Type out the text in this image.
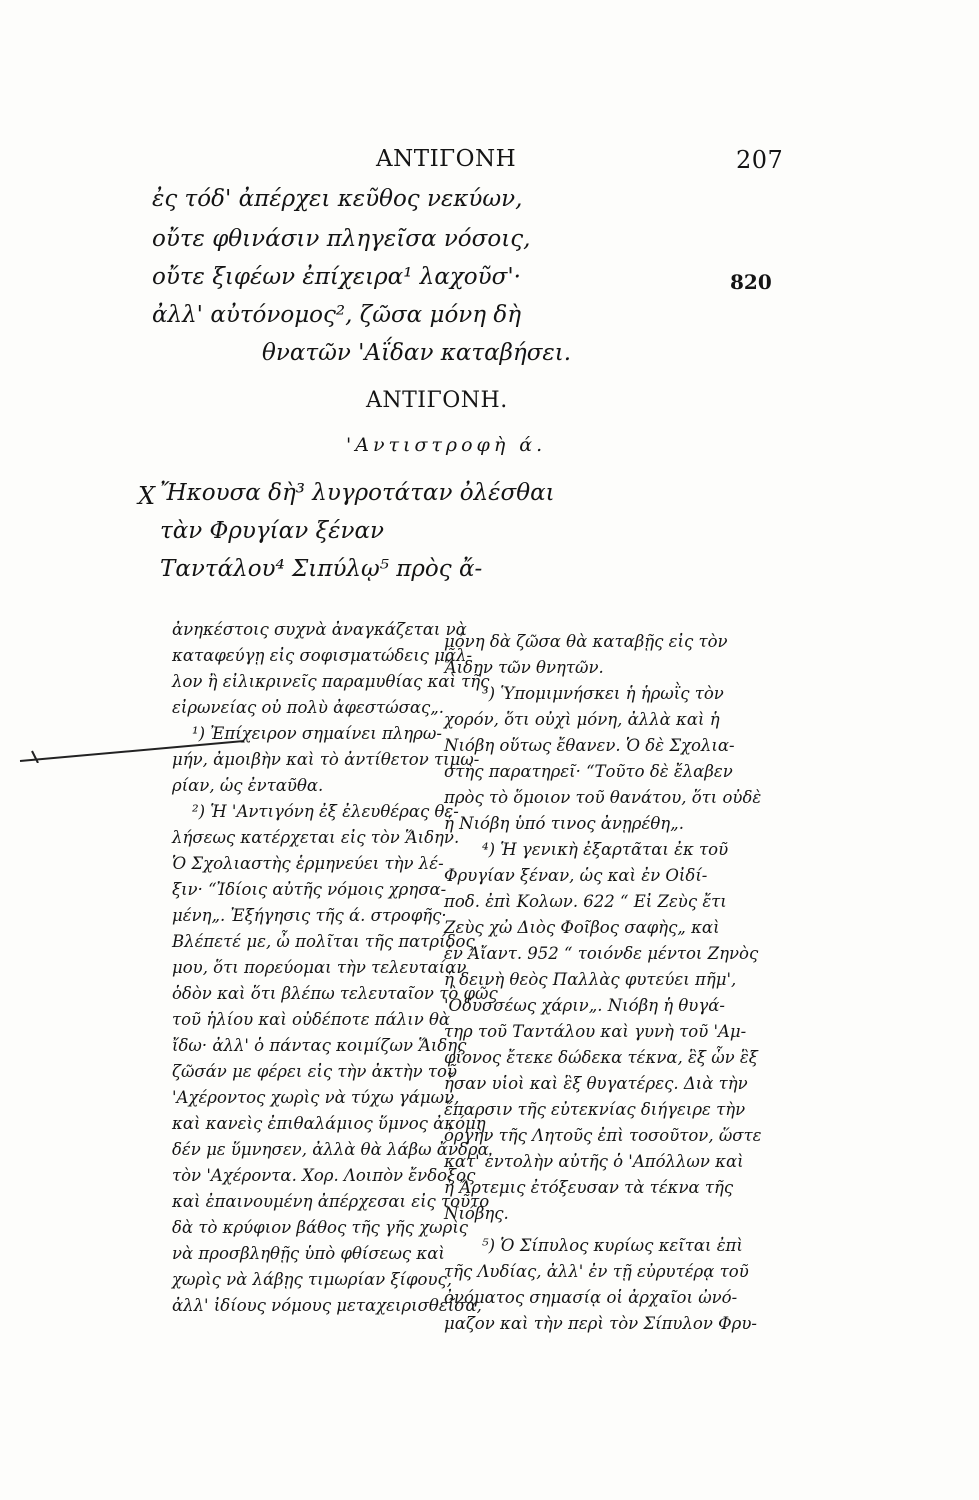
ΑΝΤΙΓΟΝΗ	207
ἐς τόδ' ἀπέρχει κεῦθος νεκύων,
οὔτε φθινάσιν πληγεῖσα νόσοις,
οὔτε ξιφέων ἐπίχειρα¹ λαχοῦσ'·	820
ἀλλ' αὐτόνομος², ζῶσα μόνη δὴ
θνατῶν 'Αΐδαν καταβήσει.
ΑΝΤΙΓΟΝΗ.
'Αντιστροφὴ ά.
X Ἤκουσα δὴ³ λυγροτάταν ὀλέσθαι
τὰν Φρυγίαν ξέναν
Ταντάλου⁴ Σιπύλῳ⁵ πρὸς ἄ-
ἀνηκέστοις συχνὰ ἀναγκάζεται νὰ
καταφεύγῃ εἰς σοφισματώδεις μᾶλ-
λον ἢ εἰλικρινεῖς παραμυθίας καὶ τῆς
εἰρωνείας οὐ πολὺ ἀφεστώσας„.
¹) Ἐπίχειρον σημαίνει πληρω-
μήν, ἀμοιβὴν καὶ τὸ ἀντίθετον τιμω-
ρίαν, ὡς ἐνταῦθα.
²) Ἡ 'Αντιγόνη ἐξ ἐλευθέρας θε-
λήσεως κατέρχεται εἰς τὸν Ἅιδην.
Ὁ Σχολιαστὴς ἑρμηνεύει τὴν λέ-
ξιν· “Ἰδίοις αὐτῆς νόμοις χρησα-
μένη„. Ἐξήγησις τῆς ά. στροφῆς·
Βλέπετέ με, ὦ πολῖται τῆς πατρίδος
μου, ὅτι πορεύομαι τὴν τελευταίαν
ὁδὸν καὶ ὅτι βλέπω τελευταῖον τὸ φῶς
τοῦ ἡλίου καὶ οὐδέποτε πάλιν θὰ
ἴδω· ἀλλ' ὁ πάντας κοιμίζων Ἅιδης
ζῶσάν με φέρει εἰς τὴν ἀκτὴν τοῦ
'Αχέροντος χωρὶς νὰ τύχω γάμων,
καὶ κανεὶς ἐπιθαλάμιος ὕμνος ἀκόμη
δέν με ὕμνησεν, ἀλλὰ θὰ λάβω ἄνδρα
τὸν 'Αχέροντα. Χορ. Λοιπὸν ἔνδοξος
καὶ ἐπαινουμένη ἀπέρχεσαι εἰς τοῦτο
δὰ τὸ κρύφιον βάθος τῆς γῆς χωρὶς
νὰ προσβληθῇς ὑπὸ φθίσεως καὶ
χωρὶς νὰ λάβῃς τιμωρίαν ξίφους,
ἀλλ' ἰδίους νόμους μεταχειρισθεῖσα,
μόνη δὰ ζῶσα θὰ καταβῇς εἰς τὸν
Ἅιδην τῶν θνητῶν.
³) Ὑπομιμνήσκει ἡ ἡρωῒς τὸν
χορόν, ὅτι οὐχὶ μόνη, ἀλλὰ καὶ ἡ
Νιόβη οὕτως ἔθανεν. Ὁ δὲ Σχολια-
στὴς παρατηρεῖ· “Τοῦτο δὲ ἔλαβεν
πρὸς τὸ ὅμοιον τοῦ θανάτου, ὅτι οὐδὲ
ἡ Νιόβη ὑπό τινος ἀνῃρέθη„.
⁴) Ἡ γενικὴ ἐξαρτᾶται ἐκ τοῦ
Φρυγίαν ξέναν, ὡς καὶ ἐν Οἰδί-
ποδ. ἐπὶ Κολων. 622 “ Εἰ Ζεὺς ἔτι
Ζεὺς χὠ Διὸς Φοῖβος σαφὴς„ καὶ
ἐν Αἴαντ. 952 “ τοιόνδε μέντοι Ζηνὸς
ἡ δεινὴ θεὸς Παλλὰς φυτεύει πῆμ',
'Οδυσσέως χάριν„. Νιόβη ἡ θυγά-
τηρ τοῦ Ταντάλου καὶ γυνὴ τοῦ 'Αμ-
φίονος ἔτεκε δώδεκα τέκνα, ἓξ ὧν ἓξ
ἦσαν υἱοὶ καὶ ἓξ θυγατέρες. Διὰ τὴν
ἔπαρσιν τῆς εὐτεκνίας διήγειρε τὴν
ὀργὴν τῆς Λητοῦς ἐπὶ τοσοῦτον, ὥστε
κατ' ἐντολὴν αὐτῆς ὁ 'Απόλλων καὶ
ἡ Ἄρτεμις ἐτόξευσαν τὰ τέκνα τῆς
Νιόβης.
⁵) Ὁ Σίπυλος κυρίως κεῖται ἐπὶ
τῆς Λυδίας, ἀλλ' ἐν τῇ εὐρυτέρᾳ τοῦ
ὀνόματος σημασίᾳ οἱ ἀρχαῖοι ὠνό-
μαζον καὶ τὴν περὶ τὸν Σίπυλον Φρυ-
